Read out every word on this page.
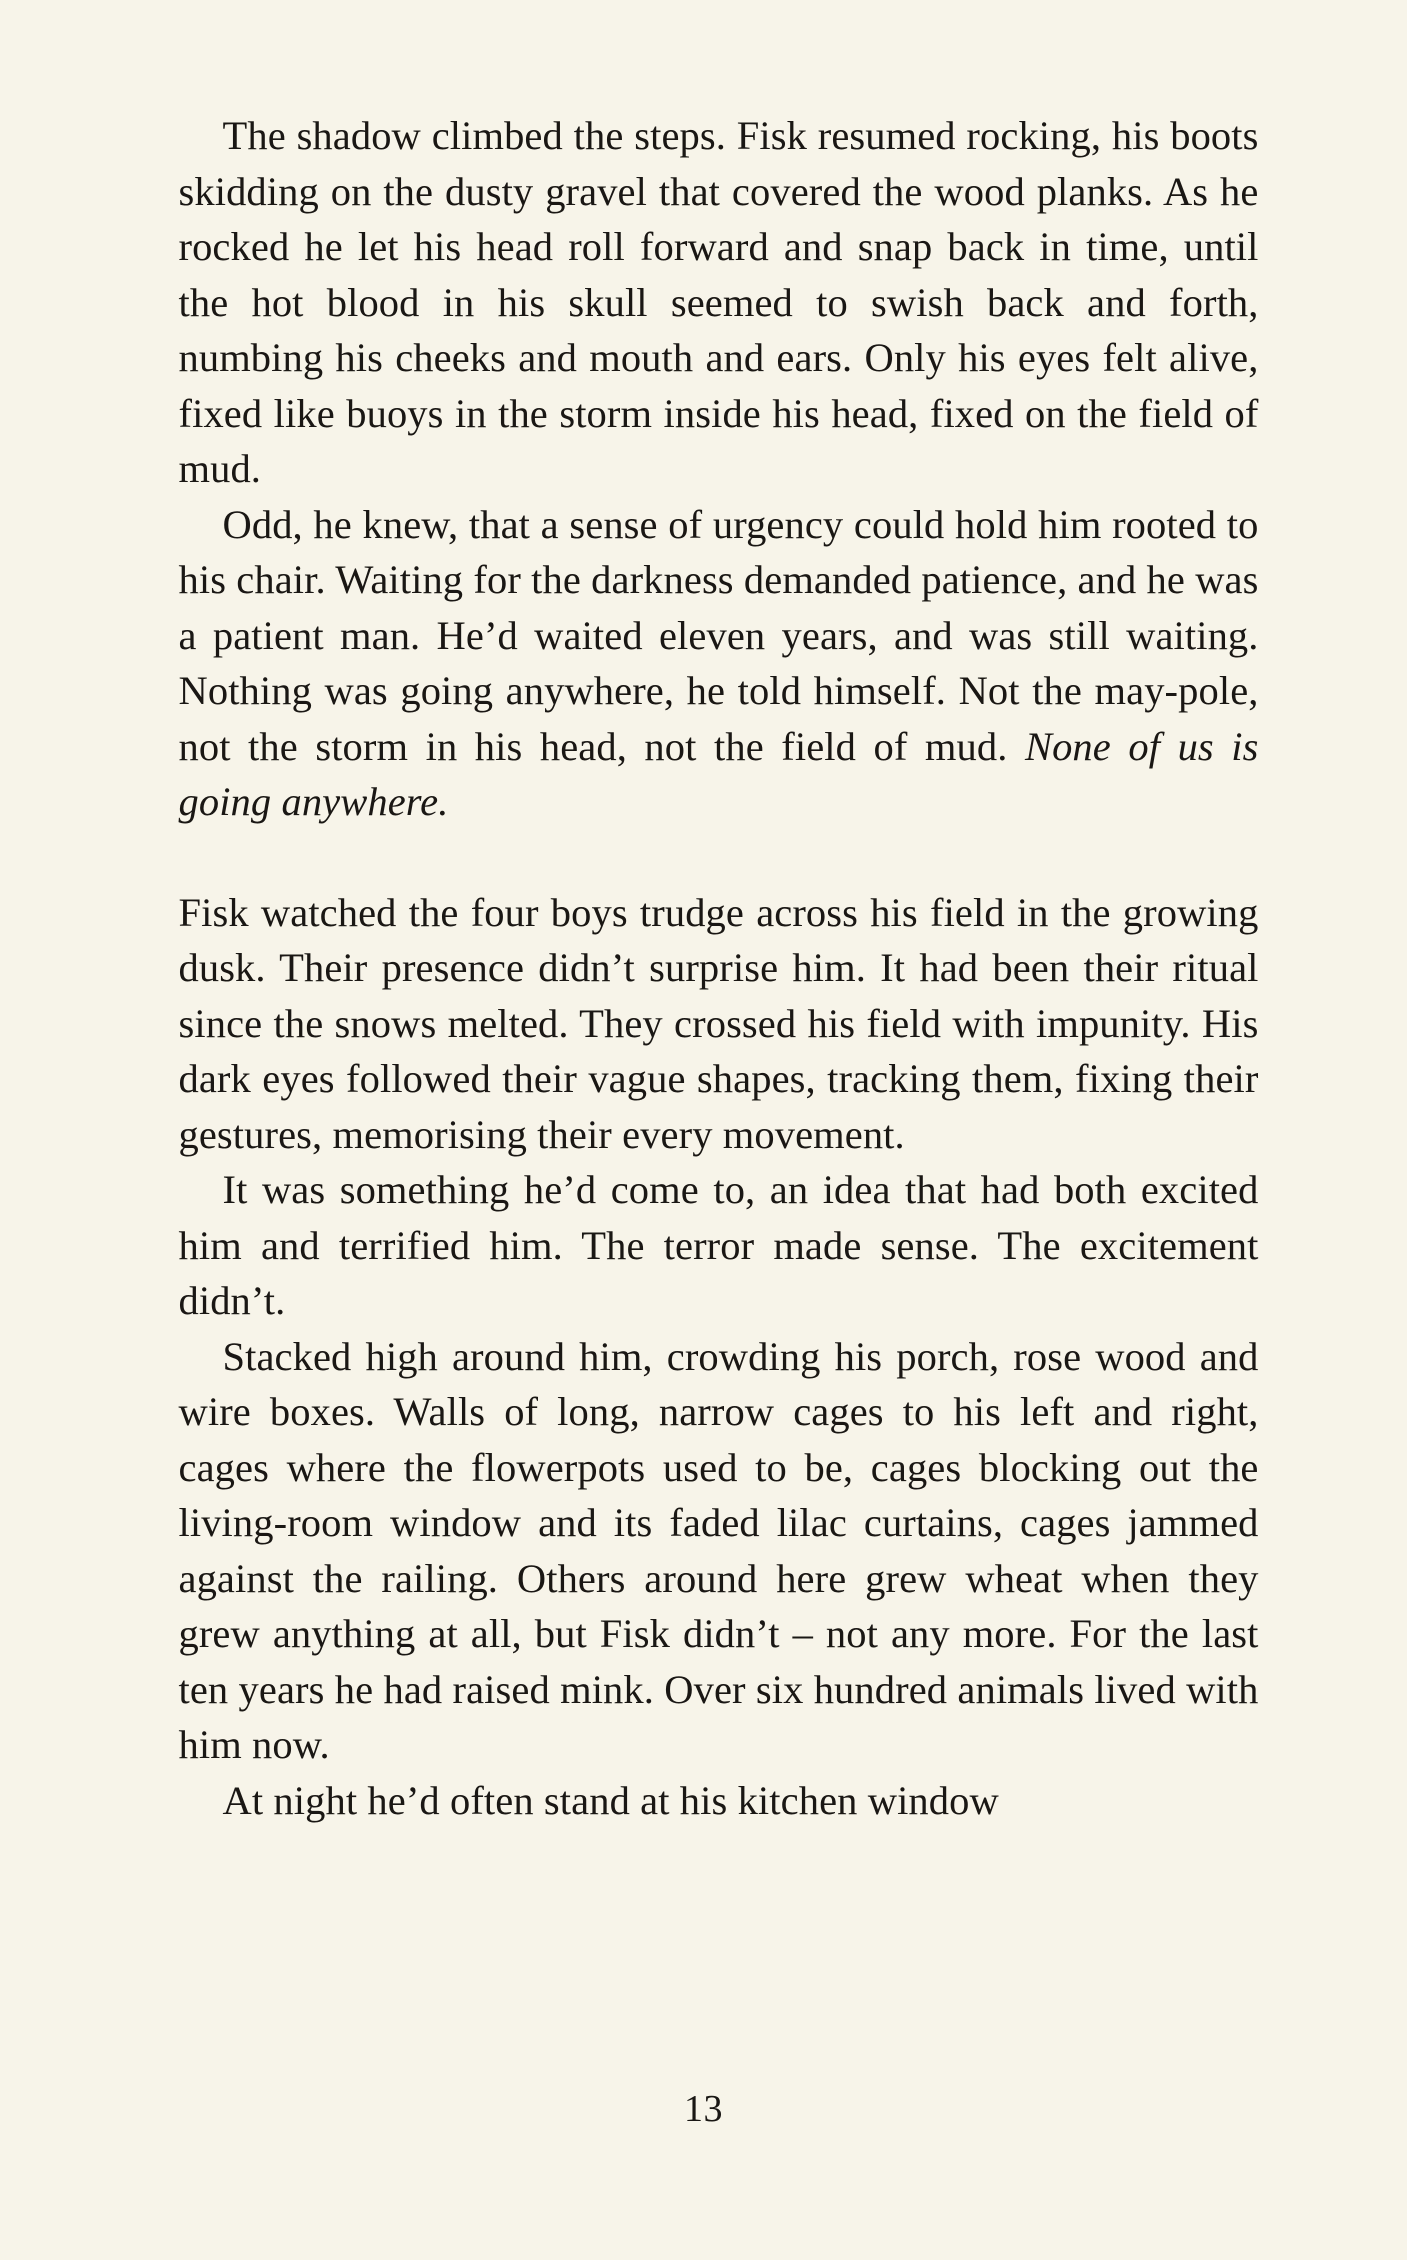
The shadow climbed the steps. Fisk resumed rocking, his boots skidding on the dusty gravel that covered the wood planks. As he rocked he let his head roll forward and snap back in time, until the hot blood in his skull seemed to swish back and forth, numbing his cheeks and mouth and ears. Only his eyes felt alive, fixed like buoys in the storm inside his head, fixed on the field of mud.

Odd, he knew, that a sense of urgency could hold him rooted to his chair. Waiting for the darkness demanded patience, and he was a patient man. He’d waited eleven years, and was still waiting. Nothing was going anywhere, he told himself. Not the may-pole, not the storm in his head, not the field of mud. None of us is going anywhere.

Fisk watched the four boys trudge across his field in the growing dusk. Their presence didn’t surprise him. It had been their ritual since the snows melted. They crossed his field with impunity. His dark eyes followed their vague shapes, tracking them, fixing their gestures, memorising their every movement.

It was something he’d come to, an idea that had both excited him and terrified him. The terror made sense. The excitement didn’t.

Stacked high around him, crowding his porch, rose wood and wire boxes. Walls of long, narrow cages to his left and right, cages where the flowerpots used to be, cages blocking out the living-room window and its faded lilac curtains, cages jammed against the railing. Others around here grew wheat when they grew anything at all, but Fisk didn’t – not any more. For the last ten years he had raised mink. Over six hundred animals lived with him now.

At night he’d often stand at his kitchen window

13
